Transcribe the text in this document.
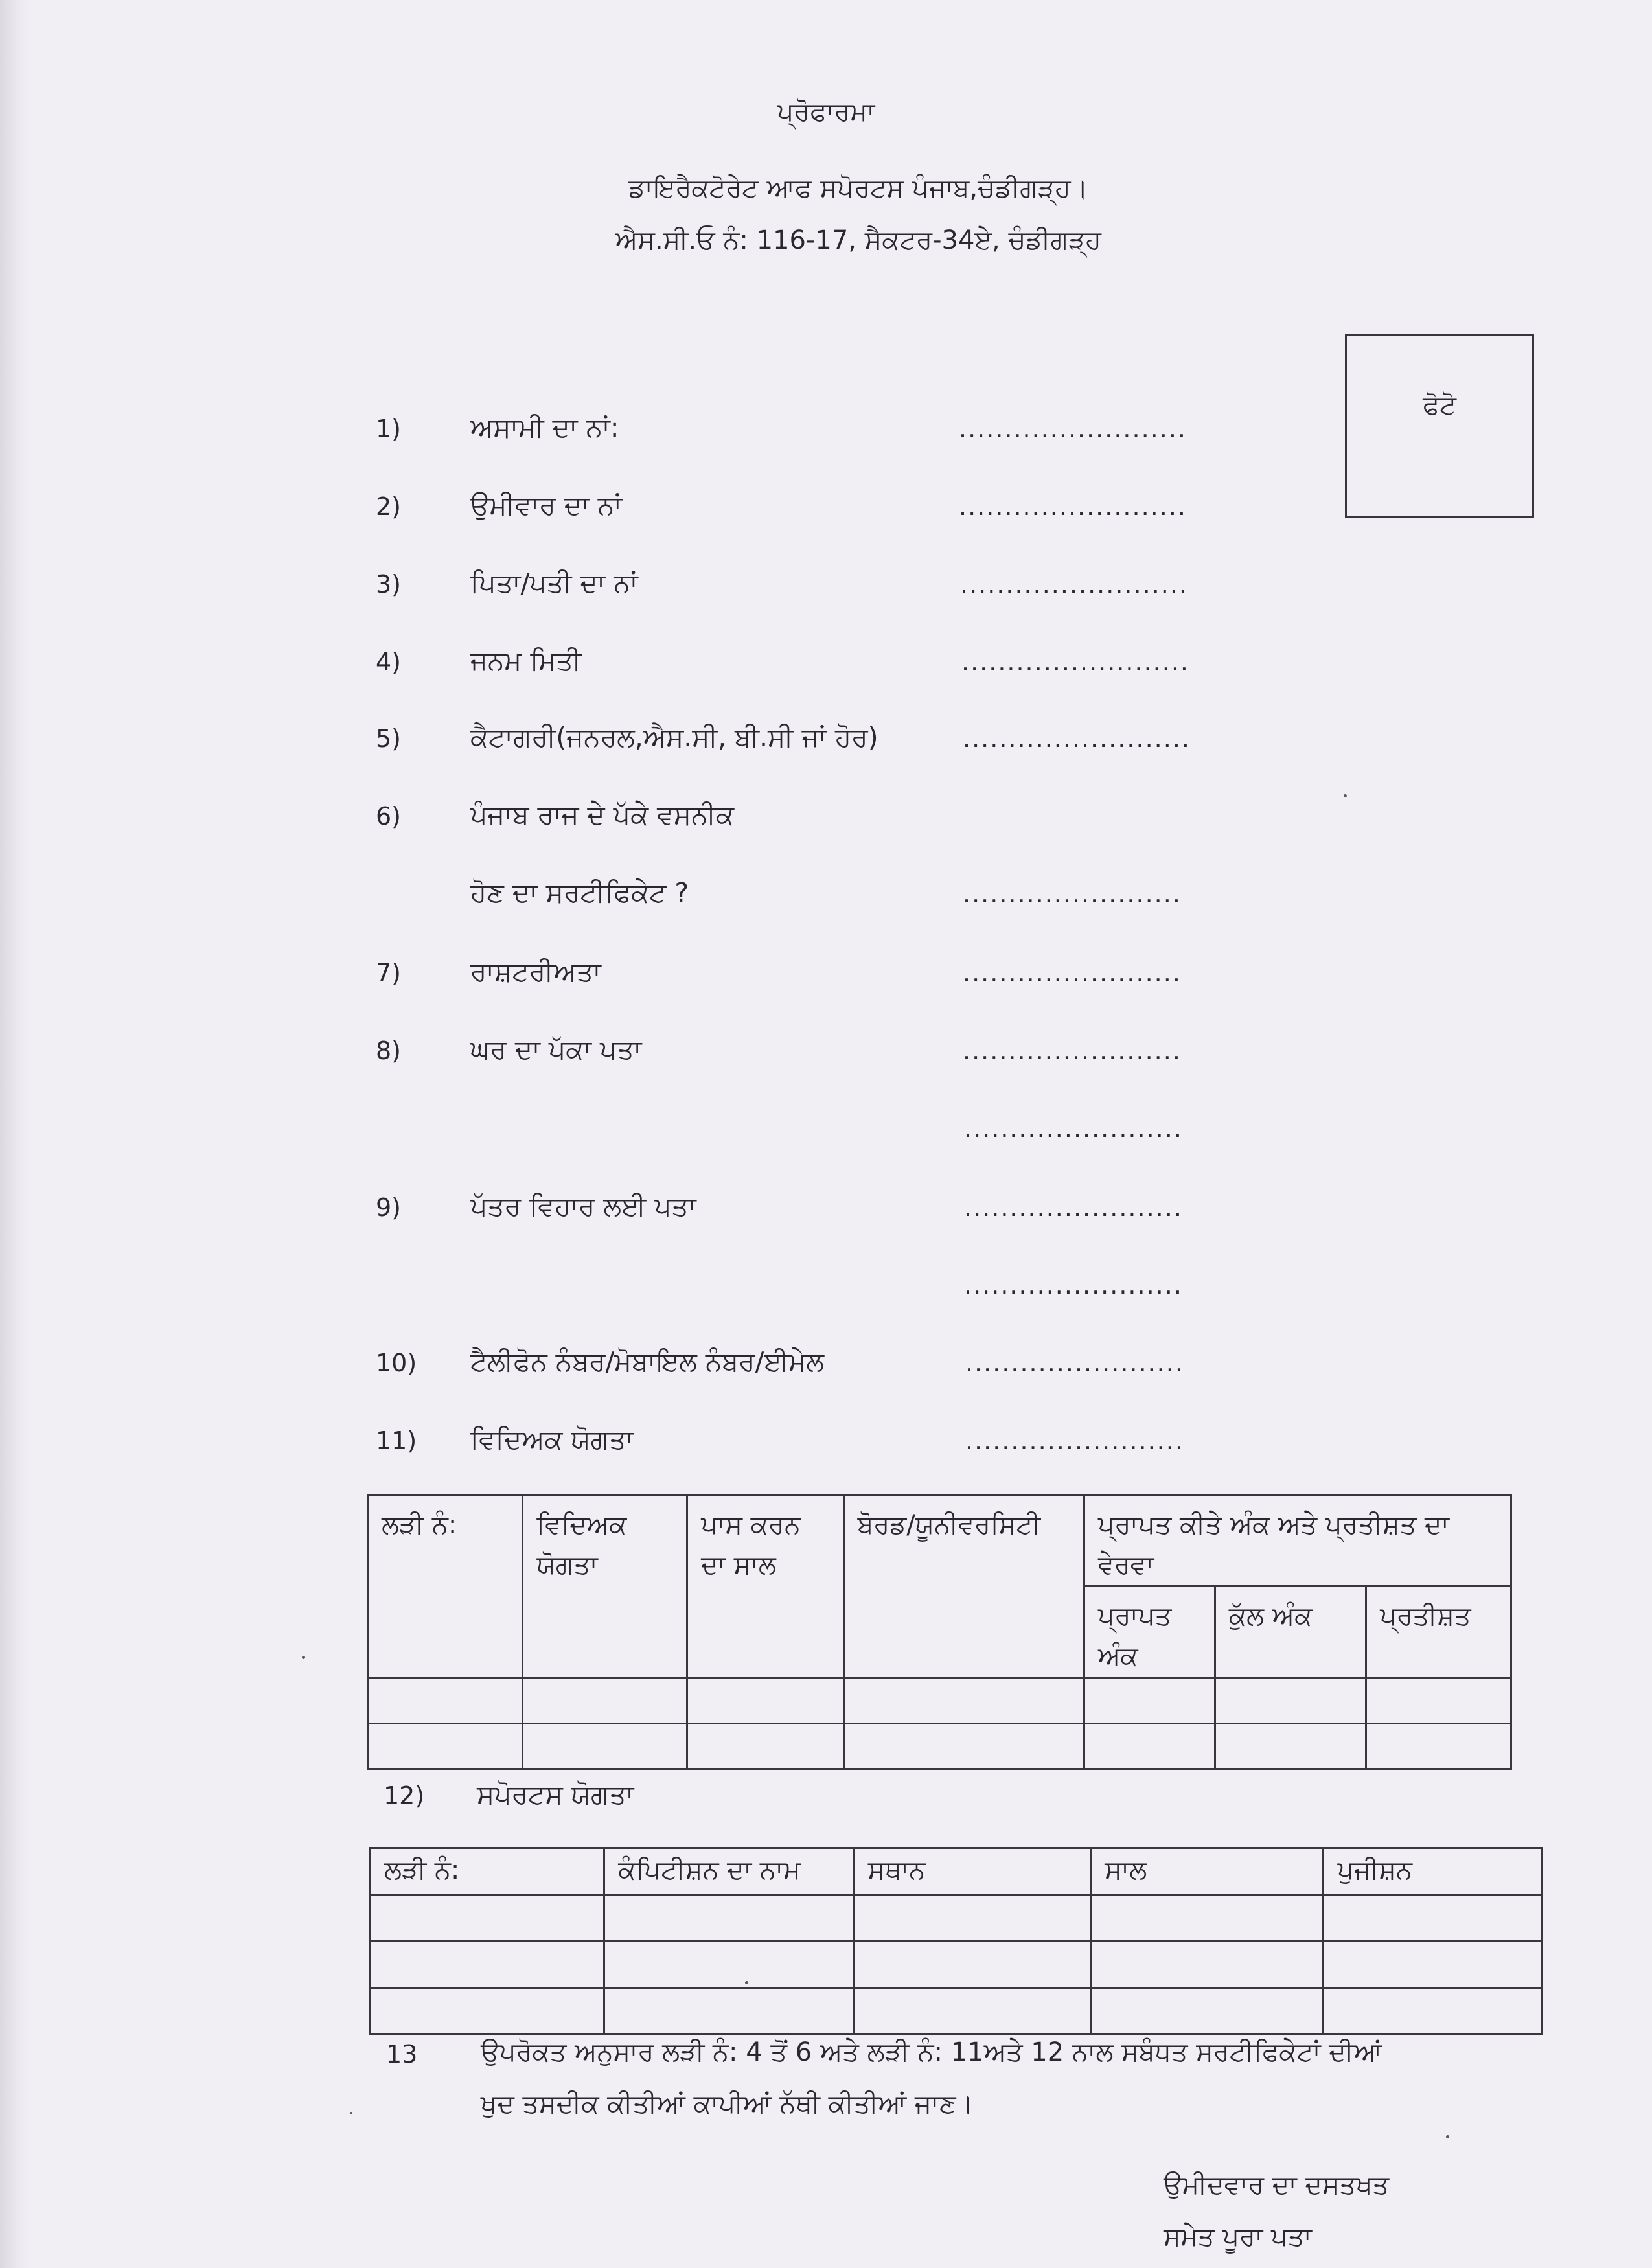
ਪ੍ਰੋਫਾਰਮਾ
ਡਾਇਰੈਕਟੋਰੇਟ ਆਫ ਸਪੋਰਟਸ ਪੰਜਾਬ,ਚੰਡੀਗੜ੍ਹ।
ਐਸ.ਸੀ.ਓ ਨੰ: 116-17, ਸੈਕਟਰ-34ਏ, ਚੰਡੀਗੜ੍ਹ
ਫੋਟੋ
1)	ਅਸਾਮੀ ਦਾ ਨਾਂ:	.........................
2)	ਉਮੀਵਾਰ ਦਾ ਨਾਂ	.........................
3)	ਪਿਤਾ/ਪਤੀ ਦਾ ਨਾਂ	.........................
4)	ਜਨਮ ਮਿਤੀ	.........................
5)	ਕੈਟਾਗਰੀ(ਜਨਰਲ,ਐਸ.ਸੀ, ਬੀ.ਸੀ ਜਾਂ ਹੋਰ)	.........................
6)	ਪੰਜਾਬ ਰਾਜ ਦੇ ਪੱਕੇ ਵਸਨੀਕ
ਹੋਣ ਦਾ ਸਰਟੀਫਿਕੇਟ ?	........................
7)	ਰਾਸ਼ਟਰੀਅਤਾ	........................
8)	ਘਰ ਦਾ ਪੱਕਾ ਪਤਾ	........................
........................
9)	ਪੱਤਰ ਵਿਹਾਰ ਲਈ ਪਤਾ	........................
........................
10) ਟੈਲੀਫੋਨ ਨੰਬਰ/ਮੋਬਾਇਲ ਨੰਬਰ/ਈਮੇਲ	........................
11) ਵਿਦਿਅਕ ਯੋਗਤਾ	........................
ਲੜੀ ਨੰ:	ਵਿਦਿਅਕ ਯੋਗਤਾ	ਪਾਸ ਕਰਨ ਦਾ ਸਾਲ	ਬੋਰਡ/ਯੂਨੀਵਰਸਿਟੀ	ਪ੍ਰਾਪਤ ਕੀਤੇ ਅੰਕ ਅਤੇ ਪ੍ਰਤੀਸ਼ਤ ਦਾ ਵੇਰਵਾ		
				ਪ੍ਰਾਪਤ ਅੰਕ	ਕੁੱਲ ਅੰਕ	ਪ੍ਰਤੀਸ਼ਤ

12) ਸਪੋਰਟਸ ਯੋਗਤਾ
ਲੜੀ ਨੰ:	ਕੰਪਿਟੀਸ਼ਨ ਦਾ ਨਾਮ	ਸਥਾਨ	ਸਾਲ	ਪੁਜੀਸ਼ਨ

13 ਉਪਰੋਕਤ ਅਨੁਸਾਰ ਲੜੀ ਨੰ: 4 ਤੋਂ 6 ਅਤੇ ਲੜੀ ਨੰ: 11ਅਤੇ 12 ਨਾਲ ਸਬੰਧਤ ਸਰਟੀਫਿਕੇਟਾਂ ਦੀਆਂ
ਖੁਦ ਤਸਦੀਕ ਕੀਤੀਆਂ ਕਾਪੀਆਂ ਨੱਥੀ ਕੀਤੀਆਂ ਜਾਣ।
ਉਮੀਦਵਾਰ ਦਾ ਦਸਤਖਤ
ਸਮੇਤ ਪੂਰਾ ਪਤਾ
